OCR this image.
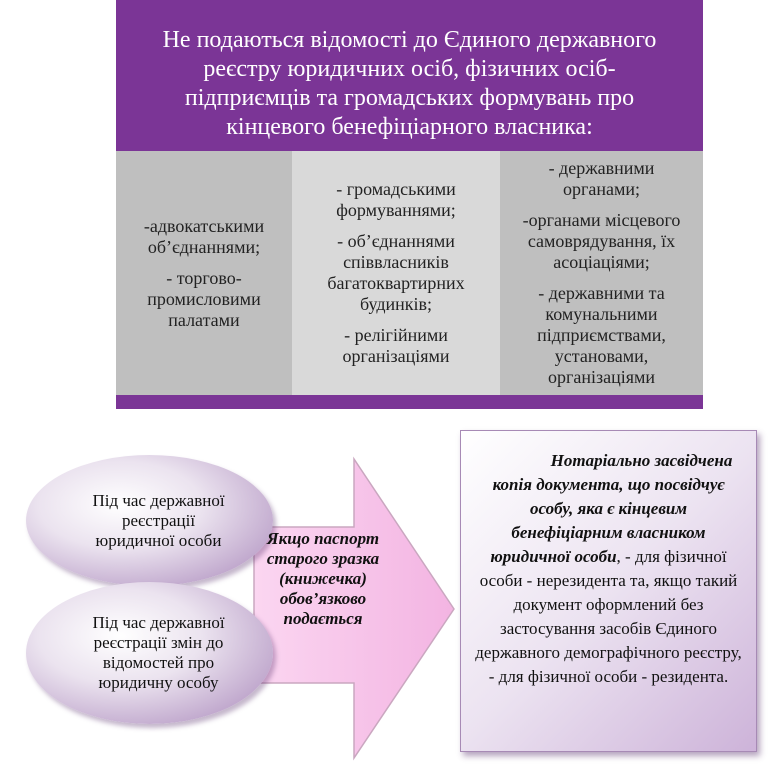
Не подаються відомості до Єдиного державного
реєстру юридичних осіб, фізичних осіб-
підприємців та громадських формувань про
кінцевого бенефіціарного власника:
-адвокатськими
об’єднаннями;
- торгово-
промисловими
палатами
- громадськими
формуваннями;
- об’єднаннями
співвласників
багатоквартирних
будинків;
- релігійними
організаціями
- державними
органами;
-органами місцевого
самоврядування, їх
асоціаціями;
- державними та
комунальними
підприємствами,
установами,
організаціями
Під час державної
реєстрації
юридичної особи
Під час державної
реєстрації змін до
відомостей про
юридичну особу
Якщо паспорт
старого зразка
(книжечка)
обов’язково
подається
Нотаріально засвідчена копія документа, що посвідчує особу, яка є кінцевим бенефіціарним власником юридичної особи, - для фізичної особи - нерезидента та, якщо такий документ оформлений без застосування засобів Єдиного державного демографічного реєстру, - для фізичної особи - резидента.
